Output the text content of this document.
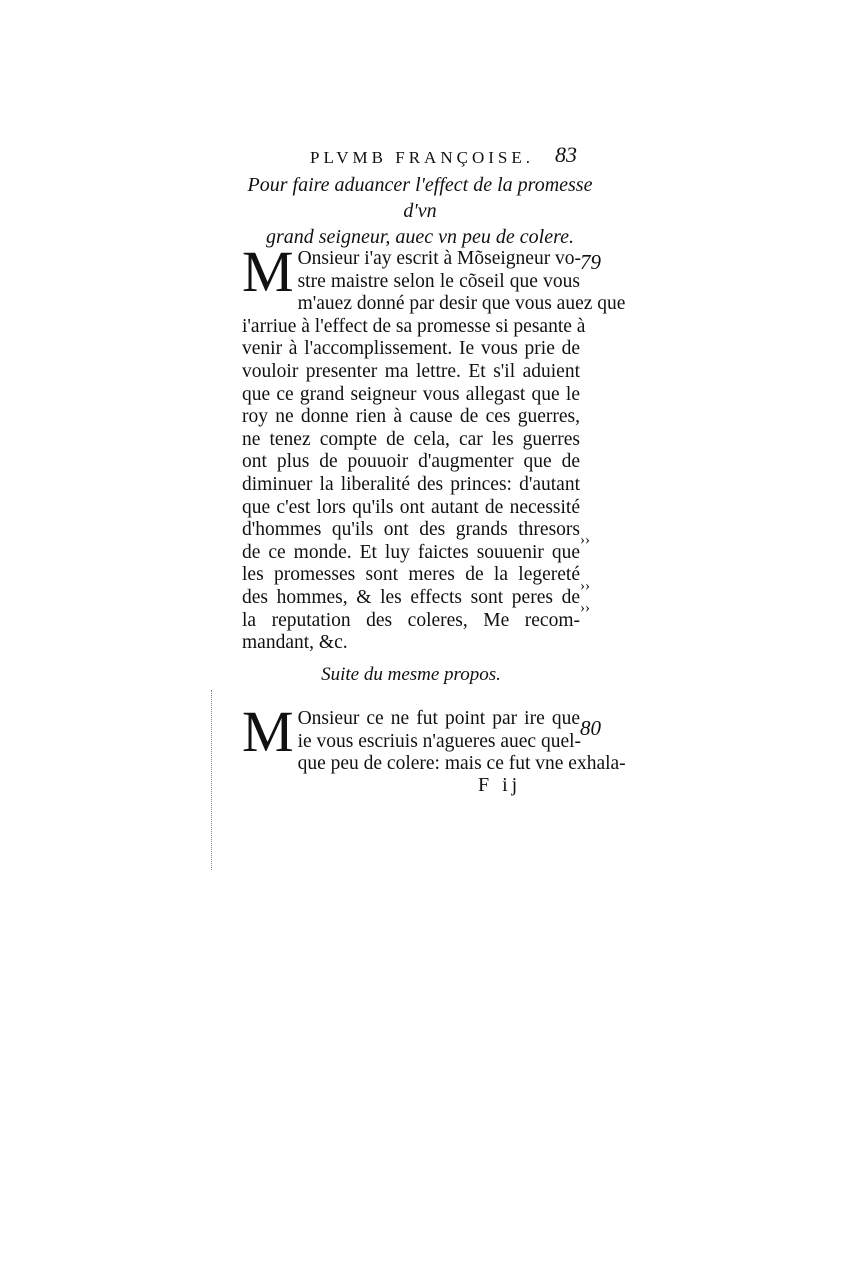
PLVMB FRANÇOISE. 83
Pour faire aduancer l'effect de la promesse d'vn
grand seigneur, auec vn peu de colere.
79
M Onsieur i'ay escrit à Mõseigneur vo-
stre maistre selon le cõseil que vous
m'auez donné par desir que vous auez que
i'arriue à l'effect de sa promesse si pesante à
venir à l'accomplissement. Ie vous prie de
vouloir presenter ma lettre. Et s'il aduient
que ce grand seigneur vous allegast que le
roy ne donne rien à cause de ces guerres,
ne tenez compte de cela, car les guerres
ont plus de pouuoir d'augmenter que de
diminuer la liberalité des princes: d'autant
que c'est lors qu'ils ont autant de necessité
d'hommes qu'ils ont des grands thresors
de ce monde. Et luy faictes souuenir que
les promesses sont meres de la legereté
des hommes, & les effects sont peres de
la reputation des coleres, Me recom-
mandant, &c.
››
››
››
Suite du mesme propos.
80
M Onsieur ce ne fut point par ire que
ie vous escriuis n'agueres auec quel-
que peu de colere: mais ce fut vne exhala-
F ij
